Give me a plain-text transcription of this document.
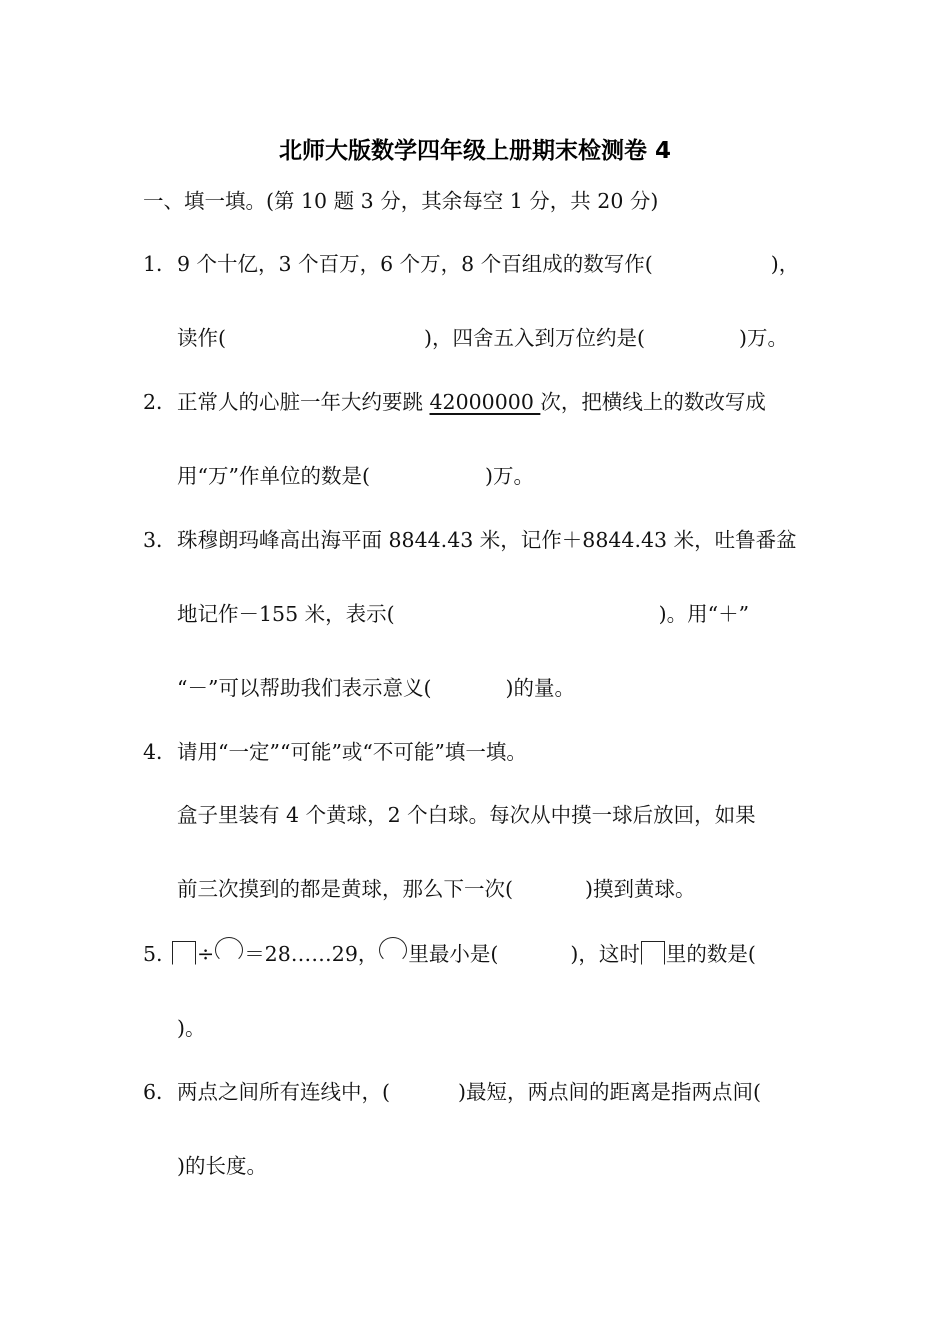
北师大版数学四年级上册期末检测卷 4
一、填一填。(第 10 题 3 分，其余每空 1 分，共 20 分)
1．9 个十亿，3 个百万，6 个万，8 个百组成的数写作(	)，
读作(	)，四舍五入到万位约是(	)万。
2．正常人的心脏一年大约要跳 42000000 次，把横线上的数改写成
用“万”作单位的数是(	)万。
3．珠穆朗玛峰高出海平面 8844.43 米，记作＋8844.43 米，吐鲁番盆
地记作－155 米，表示(	)。用“＋”
“－”可以帮助我们表示意义(	)的量。
4．请用“一定”“可能”或“不可能”填一填。
盒子里装有 4 个黄球，2 个白球。每次从中摸一球后放回，如果
前三次摸到的都是黄球，那么下一次(	)摸到黄球。
5. ÷ ＝28……29， 里最小是(	)，这时 里的数是(
)。
6．两点之间所有连线中，(	)最短，两点间的距离是指两点间(
)的长度。
